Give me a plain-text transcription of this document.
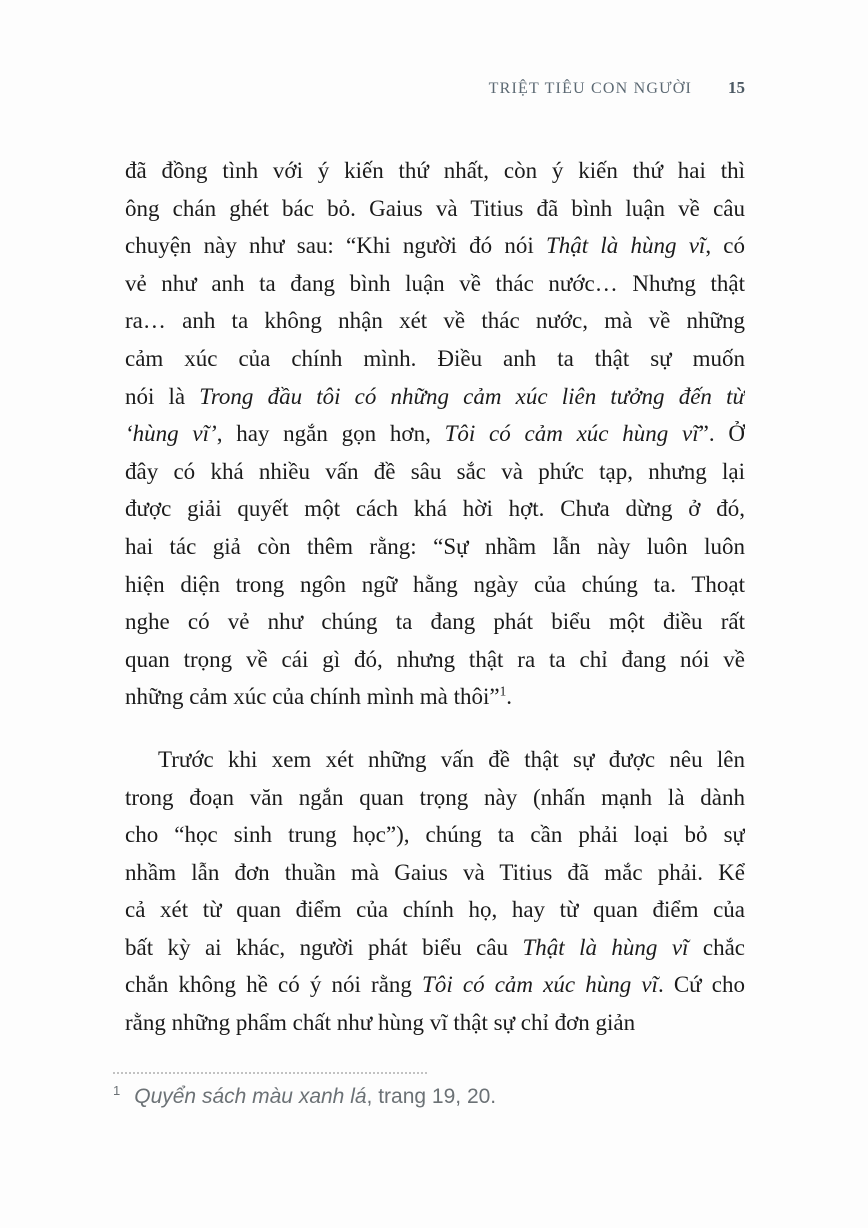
TRIỆT TIÊU CON NGƯỜI 15
đã đồng tình với ý kiến thứ nhất, còn ý kiến thứ hai thì
ông chán ghét bác bỏ. Gaius và Titius đã bình luận về câu
chuyện này như sau: “Khi người đó nói Thật là hùng vĩ, có
vẻ như anh ta đang bình luận về thác nước… Nhưng thật
ra… anh ta không nhận xét về thác nước, mà về những
cảm xúc của chính mình. Điều anh ta thật sự muốn
nói là Trong đầu tôi có những cảm xúc liên tưởng đến từ
‘hùng vĩ’, hay ngắn gọn hơn, Tôi có cảm xúc hùng vĩ”. Ở
đây có khá nhiều vấn đề sâu sắc và phức tạp, nhưng lại
được giải quyết một cách khá hời hợt. Chưa dừng ở đó,
hai tác giả còn thêm rằng: “Sự nhầm lẫn này luôn luôn
hiện diện trong ngôn ngữ hằng ngày của chúng ta. Thoạt
nghe có vẻ như chúng ta đang phát biểu một điều rất
quan trọng về cái gì đó, nhưng thật ra ta chỉ đang nói về
những cảm xúc của chính mình mà thôi”$^1$.
Trước khi xem xét những vấn đề thật sự được nêu lên
trong đoạn văn ngắn quan trọng này (nhấn mạnh là dành
cho “học sinh trung học”), chúng ta cần phải loại bỏ sự
nhầm lẫn đơn thuần mà Gaius và Titius đã mắc phải. Kể
cả xét từ quan điểm của chính họ, hay từ quan điểm của
bất kỳ ai khác, người phát biểu câu Thật là hùng vĩ chắc
chắn không hề có ý nói rằng Tôi có cảm xúc hùng vĩ. Cứ cho
rằng những phẩm chất như hùng vĩ thật sự chỉ đơn giản
$^1$ Quyển sách màu xanh lá, trang 19, 20.
